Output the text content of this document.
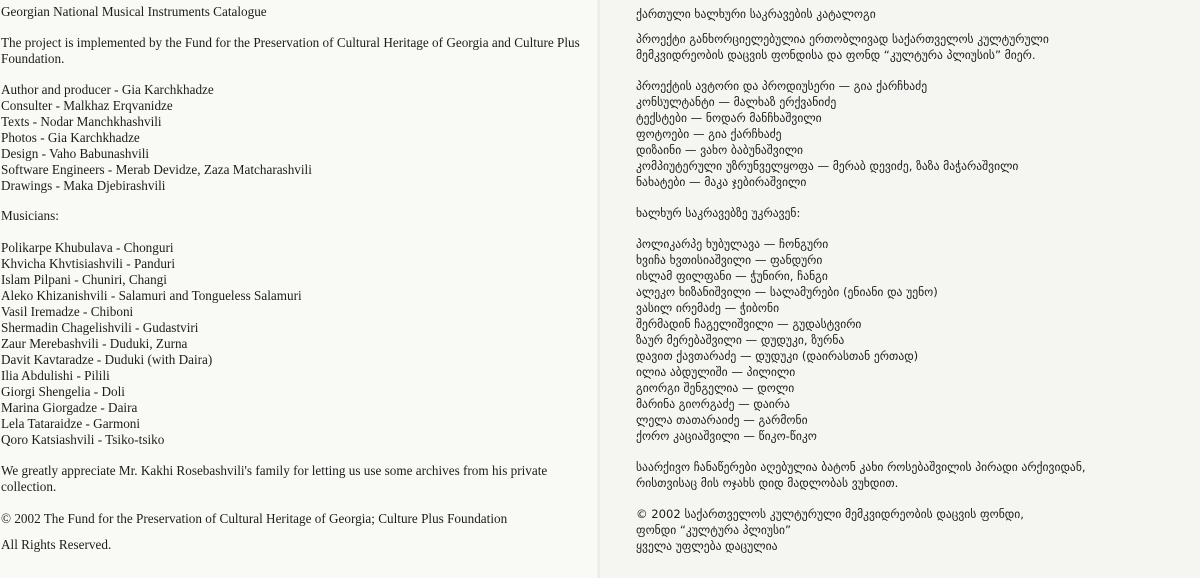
Georgian National Musical Instruments Catalogue

The project is implemented by the Fund for the Preservation of Cultural Heritage of Georgia and Culture Plus Foundation.

Author and producer - Gia Karchkhadze
Consulter - Malkhaz Erqvanidze
Texts - Nodar Manchkhashvili
Photos - Gia Karchkhadze
Design - Vaho Babunashvili
Software Engineers - Merab Devidze, Zaza Matcharashvili
Drawings - Maka Djebirashvili

Musicians:

Polikarpe Khubulava - Chonguri
Khvicha Khvtisiashvili - Panduri
Islam Pilpani - Chuniri, Changi
Aleko Khizanishvili - Salamuri and Tongueless Salamuri
Vasil Iremadze - Chiboni
Shermadin Chagelishvili - Gudastviri
Zaur Merebashvili - Duduki, Zurna
Davit Kavtaradze - Duduki (with Daira)
Ilia Abdulishi - Pilili
Giorgi Shengelia - Doli
Marina Giorgadze - Daira
Lela Tataraidze - Garmoni
Qoro Katsiashvili - Tsiko-tsiko

We greatly appreciate Mr. Kakhi Rosebashvili's family for letting us use some archives from his private collection.

© 2002 The Fund for the Preservation of Cultural Heritage of Georgia; Culture Plus Foundation

All Rights Reserved.

ქართული ხალხური საკრავების კატალოგი

პროექტი განხორციელებულია ერთობლივად საქართველოს კულტურული
მემკვიდრეობის დაცვის ფონდისა და ფონდ “კულტურა პლიუსის” მიერ.
პროექტის ავტორი და პროდიუსერი — გია ქარჩხაძე
კონსულტანტი — მალხაზ ერქვანიძე
ტექსტები — ნოდარ მანჩხაშვილი
ფოტოები — გია ქარჩხაძე
დიზაინი — ვახო ბაბუნაშვილი
კომპიუტერული უზრუნველყოფა — მერაბ დევიძე, ზაზა მაჭარაშვილი
ნახატები — მაკა ჯებირაშვილი

ხალხურ საკრავებზე უკრავენ:

პოლიკარპე ხუბულავა — ჩონგური
ხვიჩა ხვთისიაშვილი — ფანდური
ისლამ ფილფანი — ჭუნირი, ჩანგი
ალეკო ხიზანიშვილი — სალამურები (ენიანი და უენო)
ვასილ ირემაძე — ჭიბონი
შერმადინ ჩაგელიშვილი — გუდასტვირი
ზაურ მერებაშვილი — დუდუკი, ზურნა
დავით ქავთარაძე — დუდუკი (დაირასთან ერთად)
ილია აბდულიში — პილილი
გიორგი შენგელია — დოლი
მარინა გიორგაძე — დაირა
ლელა თათარაიძე — გარმონი
ქორო კაციაშვილი — წიკო-წიკო
საარქივო ჩანაწერები აღებულია ბატონ კახი როსებაშვილის პირადი არქივიდან,
რისთვისაც მის ოჯახს დიდ მადლობას ვუხდით.
© 2002 საქართველოს კულტურული მემკვიდრეობის დაცვის ფონდი,
ფონდი “კულტურა პლიუსი”
ყველა უფლება დაცულია
